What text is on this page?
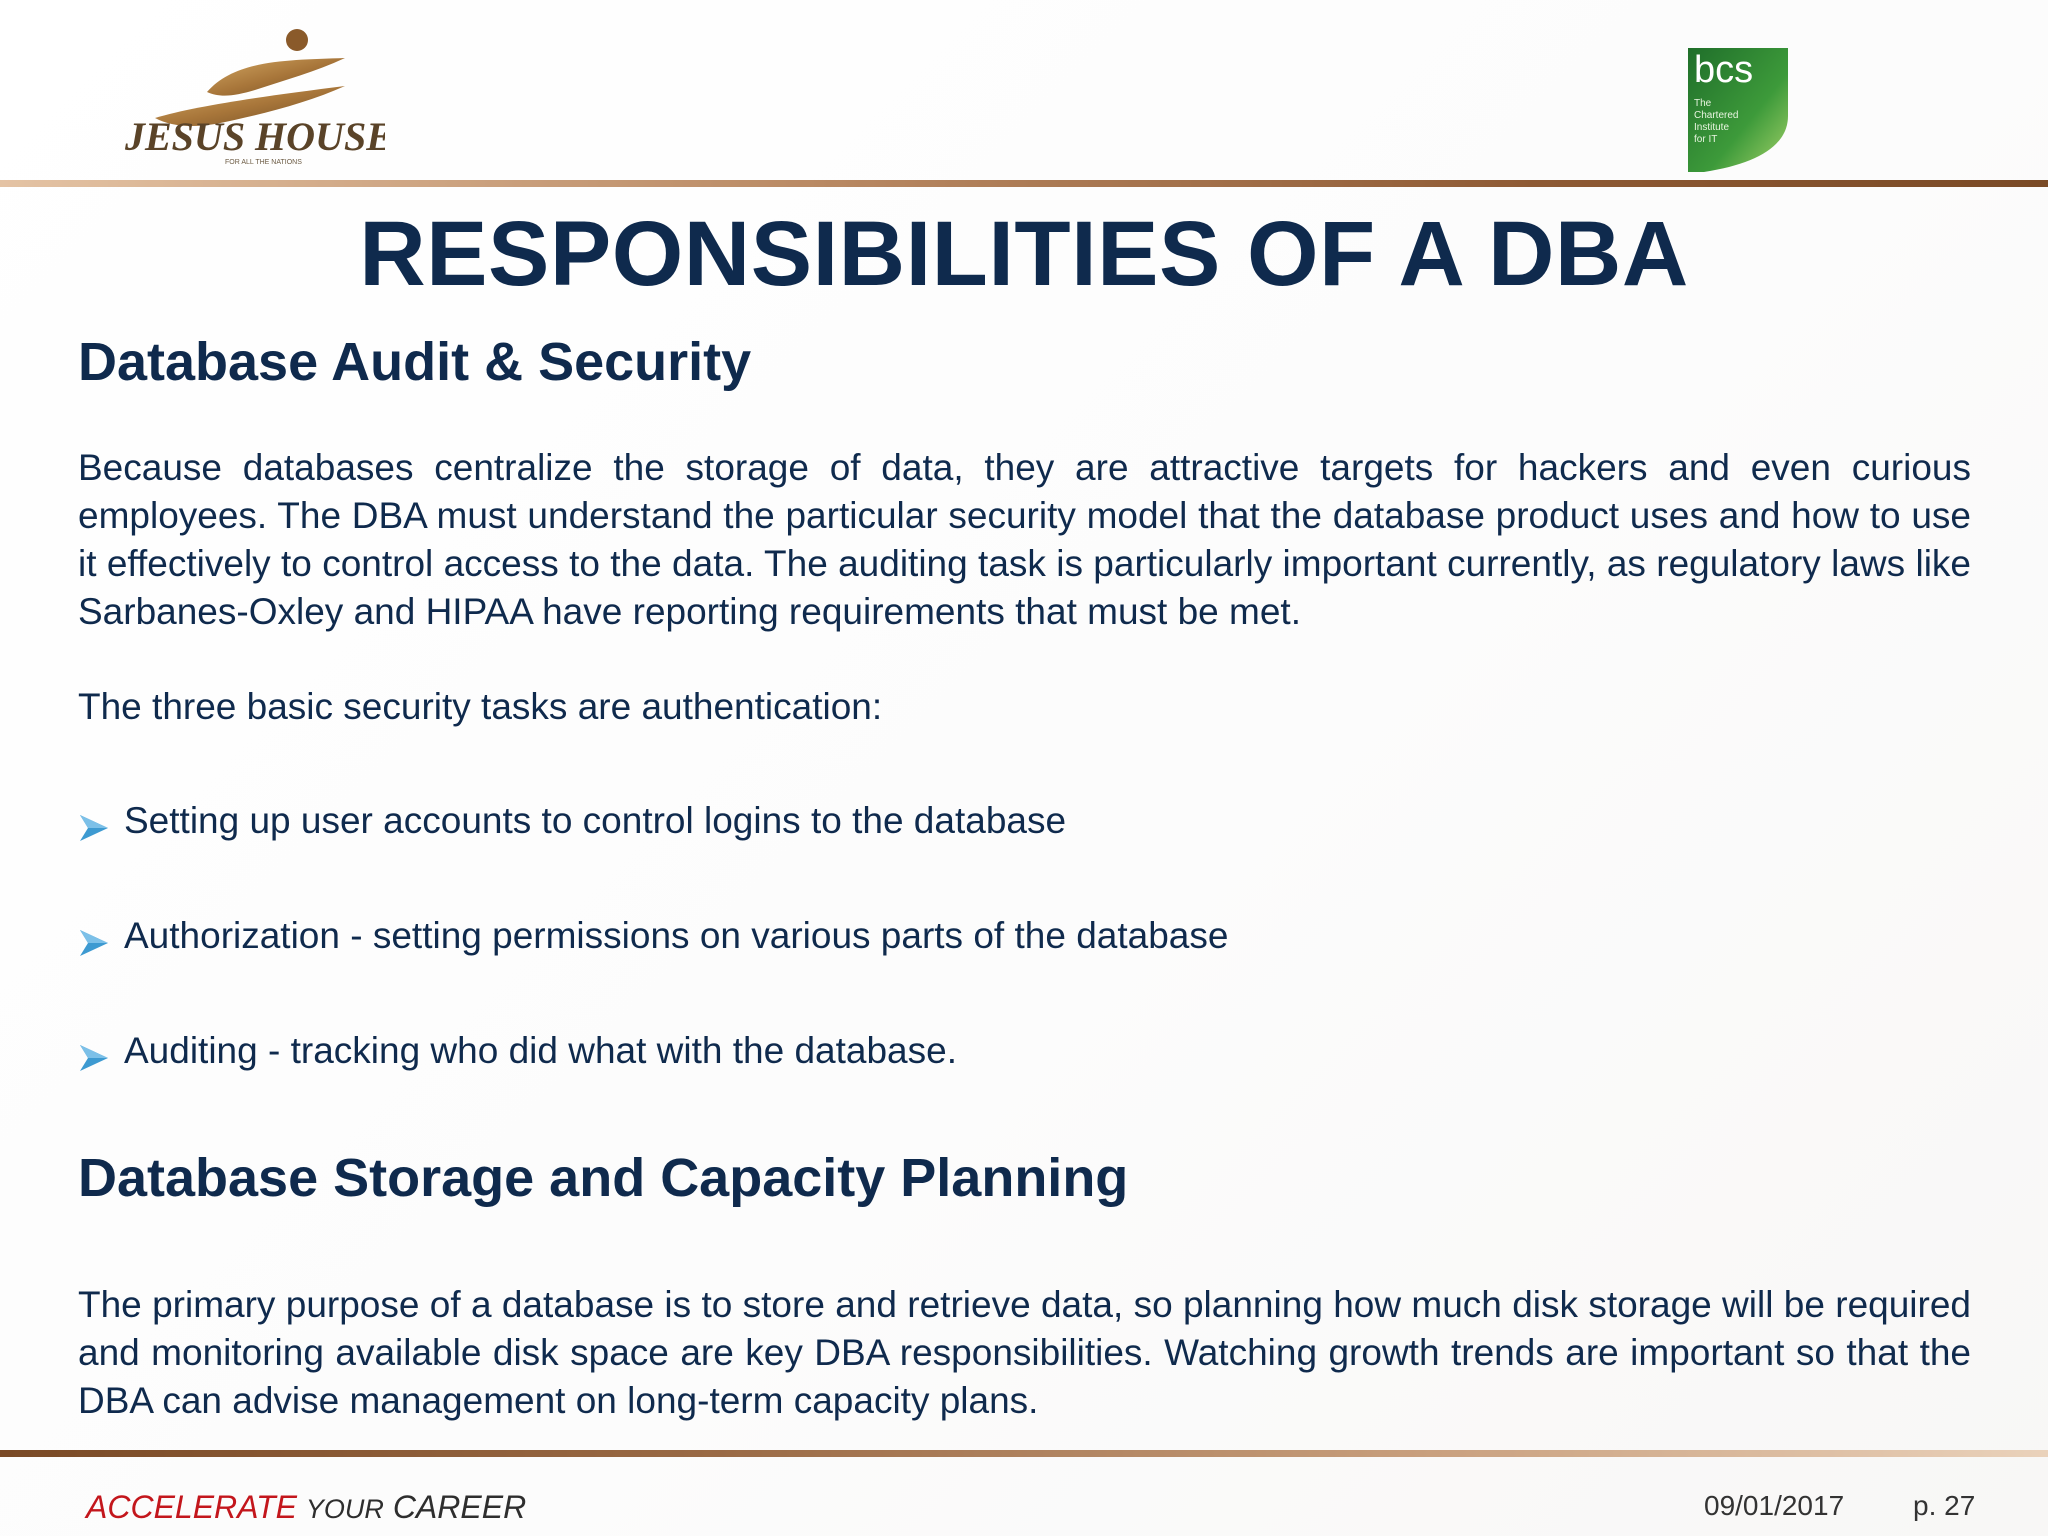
JESUS HOUSE
FOR ALL THE NATIONS
bcs
The
Chartered
Institute
for IT
RESPONSIBILITIES OF A DBA
Database Audit & Security
Because databases centralize the storage of data, they are attractive targets for hackers and even curious employees. The DBA must understand the particular security model that the database product uses and how to use it effectively to control access to the data. The auditing task is particularly important currently, as regulatory laws like Sarbanes-Oxley and HIPAA have reporting requirements that must be met.
The three basic security tasks are authentication:
Setting up user accounts to control logins to the database
Authorization - setting permissions on various parts of the database
Auditing - tracking who did what with the database.
Database Storage and Capacity Planning
The primary purpose of a database is to store and retrieve data, so planning how much disk storage will be required and monitoring available disk space are key DBA responsibilities. Watching growth trends are important so that the DBA can advise management on long-term capacity plans.
ACCELERATE YOUR CAREER	09/01/2017 p. 27
